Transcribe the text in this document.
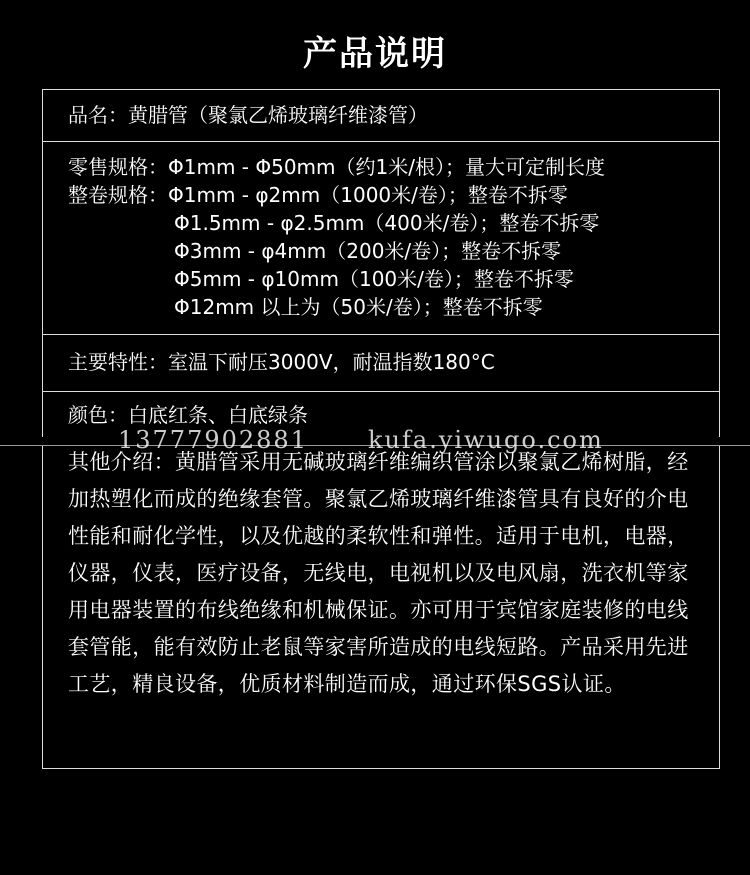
产品说明
品名：黄腊管（聚氯乙烯玻璃纤维漆管）
零售规格：Φ1mm - Φ50mm（约1米/根）；量大可定制长度
整卷规格：Φ1mm - φ2mm（1000米/卷）；整卷不拆零
Φ1.5mm - φ2.5mm（400米/卷）；整卷不拆零
Φ3mm - φ4mm（200米/卷）；整卷不拆零
Φ5mm - φ10mm（100米/卷）；整卷不拆零
Φ12mm 以上为（50米/卷）；整卷不拆零
主要特性：室温下耐压3000V，耐温指数180°C
颜色：白底红条、白底绿条
其他介绍：黄腊管采用无碱玻璃纤维编织管涂以聚氯乙烯树脂，经加热塑化而成的绝缘套管。聚氯乙烯玻璃纤维漆管具有良好的介电性能和耐化学性，以及优越的柔软性和弹性。适用于电机，电器，仪器，仪表，医疗设备，无线电，电视机以及电风扇，洗衣机等家用电器装置的布线绝缘和机械保证。亦可用于宾馆家庭装修的电线套管能，能有效防止老鼠等家害所造成的电线短路。产品采用先进工艺，精良设备，优质材料制造而成，通过环保SGS认证。
13777902881	kufa.yiwugo.com
